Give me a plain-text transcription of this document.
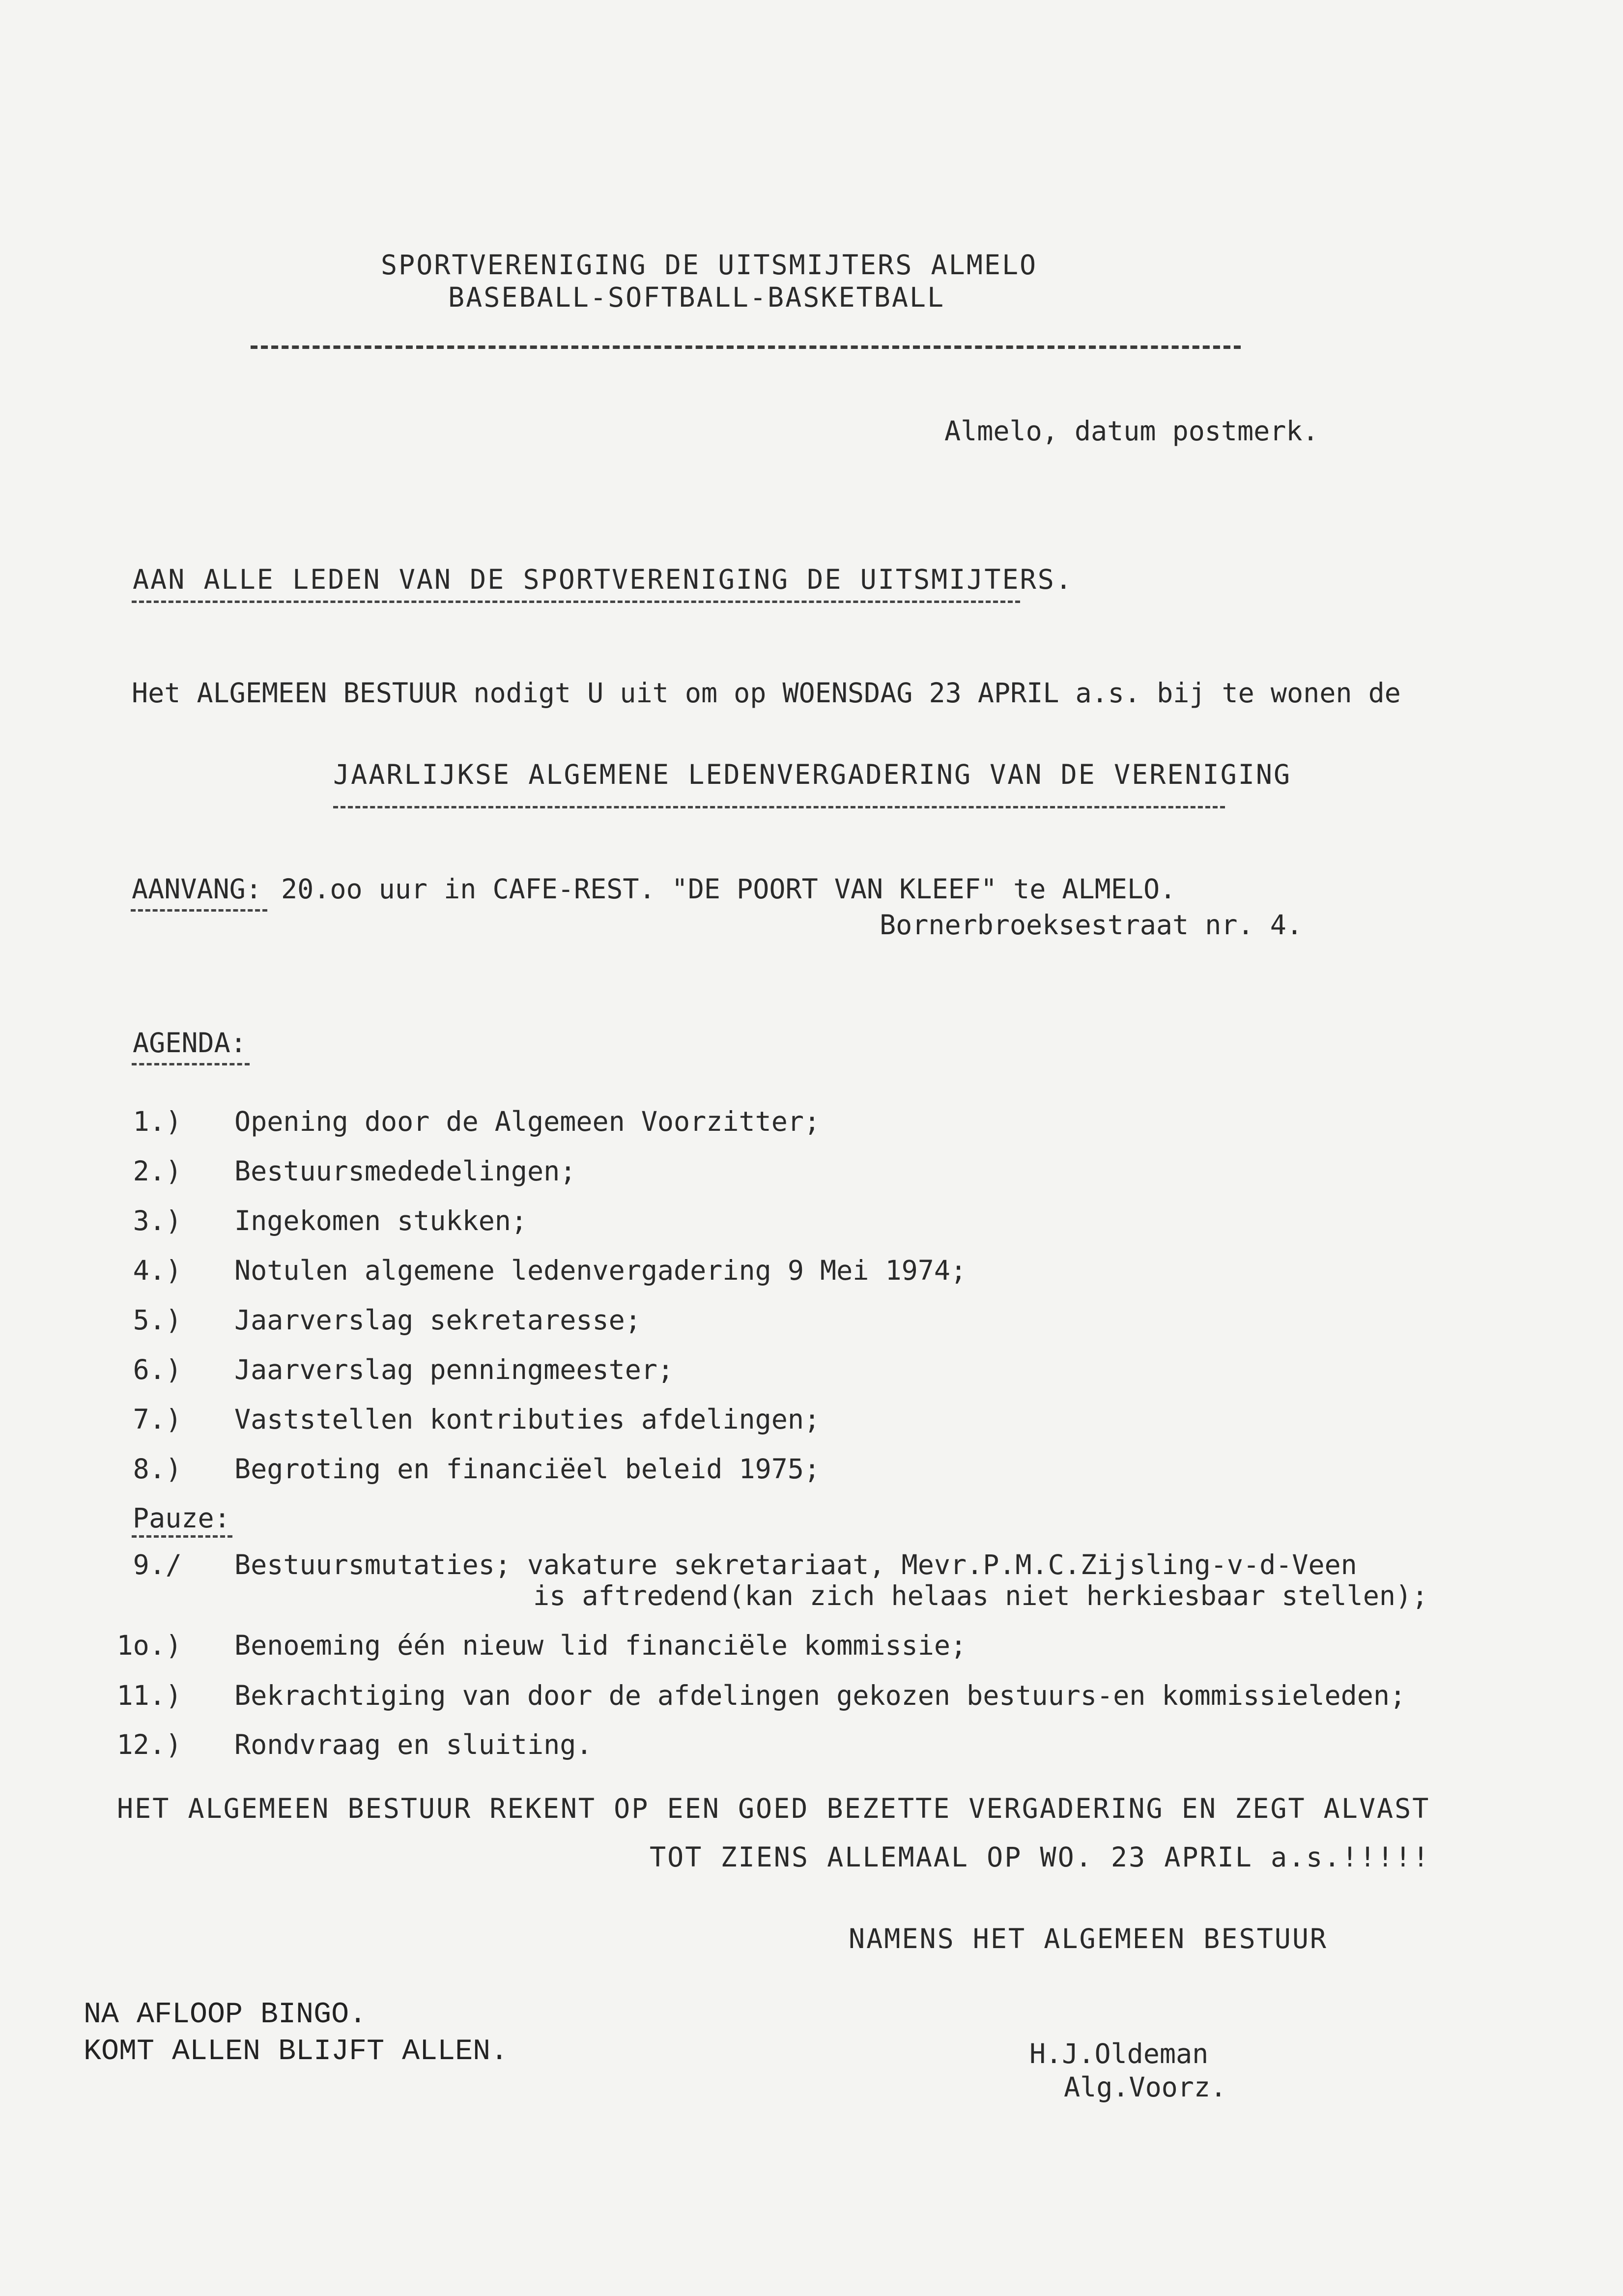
SPORTVERENIGING DE UITSMIJTERS ALMELO
BASEBALL-SOFTBALL-BASKETBALL
Almelo, datum postmerk.
AAN ALLE LEDEN VAN DE SPORTVERENIGING DE UITSMIJTERS.
Het ALGEMEEN BESTUUR nodigt U uit om op WOENSDAG 23 APRIL a.s. bij te wonen de
JAARLIJKSE ALGEMENE LEDENVERGADERING VAN DE VERENIGING
AANVANG: 20.oo uur in CAFE-REST. "DE POORT VAN KLEEF" te ALMELO.
Bornerbroeksestraat nr. 4.
AGENDA:
1.) Opening door de Algemeen Voorzitter;
2.) Bestuursmededelingen;
3.) Ingekomen stukken;
4.) Notulen algemene ledenvergadering 9 Mei 1974;
5.) Jaarverslag sekretaresse;
6.) Jaarverslag penningmeester;
7.) Vaststellen kontributies afdelingen;
8.) Begroting en financiëel beleid 1975;
Pauze:
9./ Bestuursmutaties; vakature sekretariaat, Mevr.P.M.C.Zijsling-v-d-Veen
is aftredend(kan zich helaas niet herkiesbaar stellen);
1o.) Benoeming één nieuw lid financiële kommissie;
11.) Bekrachtiging van door de afdelingen gekozen bestuurs-en kommissieleden;
12.) Rondvraag en sluiting.
HET ALGEMEEN BESTUUR REKENT OP EEN GOED BEZETTE VERGADERING EN ZEGT ALVAST
TOT ZIENS ALLEMAAL OP WO. 23 APRIL a.s.!!!!!
NAMENS HET ALGEMEEN BESTUUR
H.J.Oldeman
Alg.Voorz.
NA AFLOOP BINGO.
KOMT ALLEN BLIJFT ALLEN.
